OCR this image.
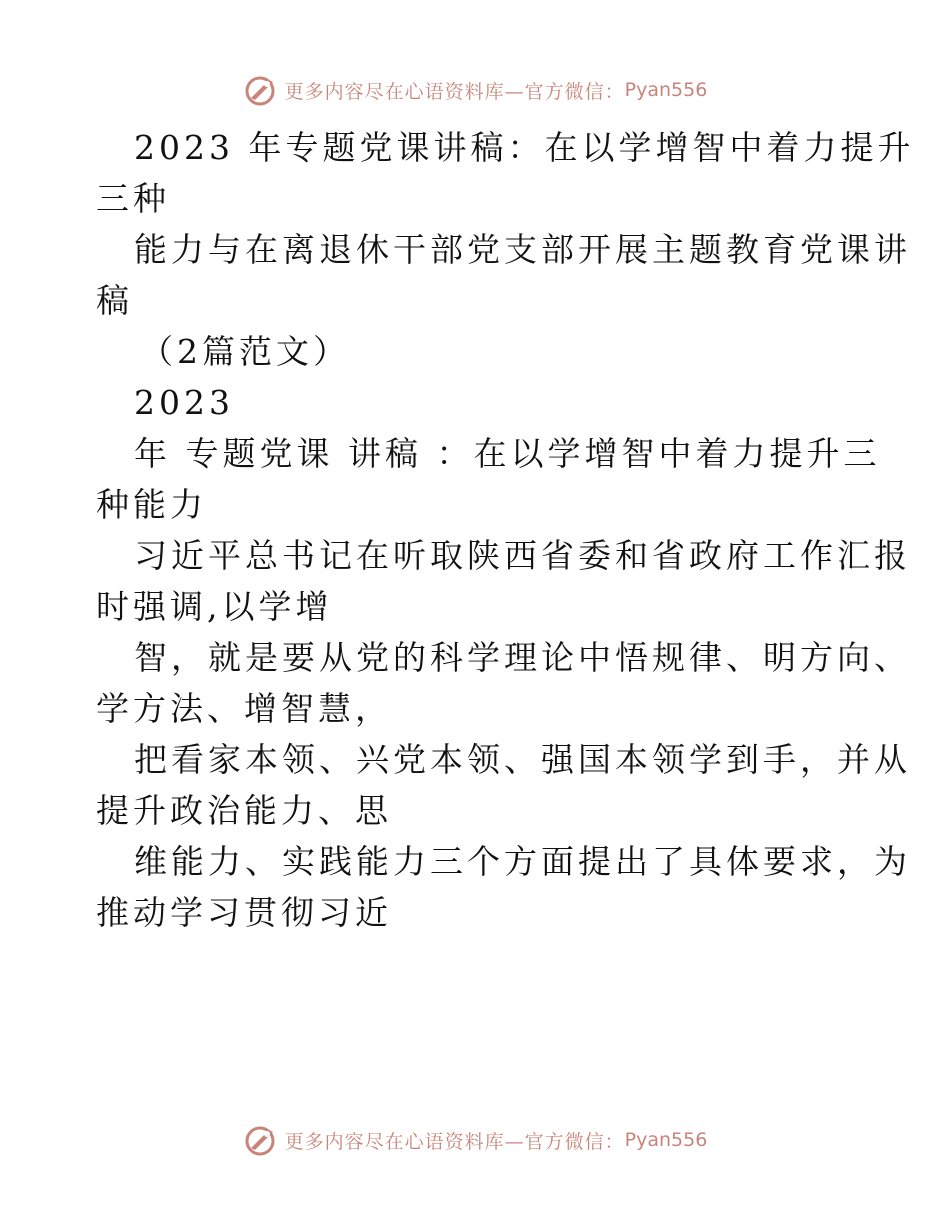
更多内容尽在心语资料库—官方微信： Pyan556
2023 年专题党课讲稿：在以学增智中着力提升
三种
能力与在离退休干部党支部开展主题教育党课讲
稿
（2篇范文）
2023
年 专题党课 讲稿 ：在以学增智中着力提升三
种能力
习近平总书记在听取陕西省委和省政府工作汇报
时强调,以学增
智，就是要从党的科学理论中悟规律、明方向、
学方法、增智慧，
把看家本领、兴党本领、强国本领学到手，并从
提升政治能力、思
维能力、实践能力三个方面提出了具体要求，为
推动学习贯彻习近
更多内容尽在心语资料库—官方微信： Pyan556
